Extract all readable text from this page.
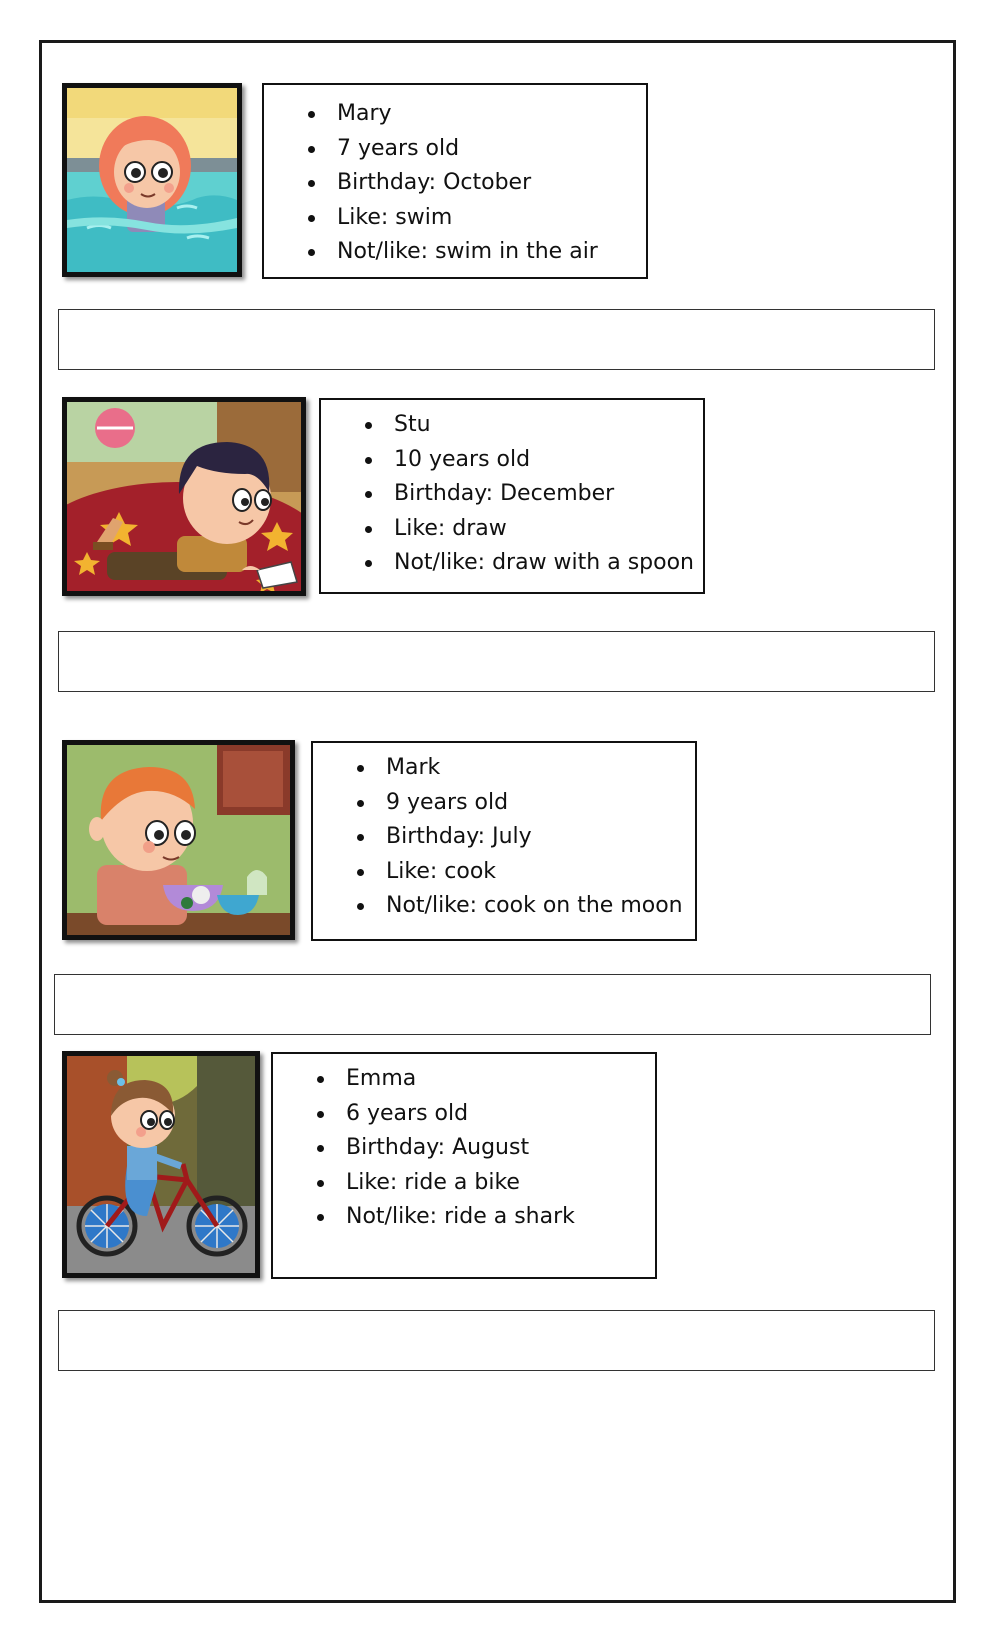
Mary
7 years old
Birthday: October
Like: swim
Not/like: swim in the air
Stu
10 years old
Birthday: December
Like: draw
Not/like: draw with a spoon
Mark
9 years old
Birthday: July
Like: cook
Not/like: cook on the moon
Emma
6 years old
Birthday: August
Like: ride a bike
Not/like: ride a shark
